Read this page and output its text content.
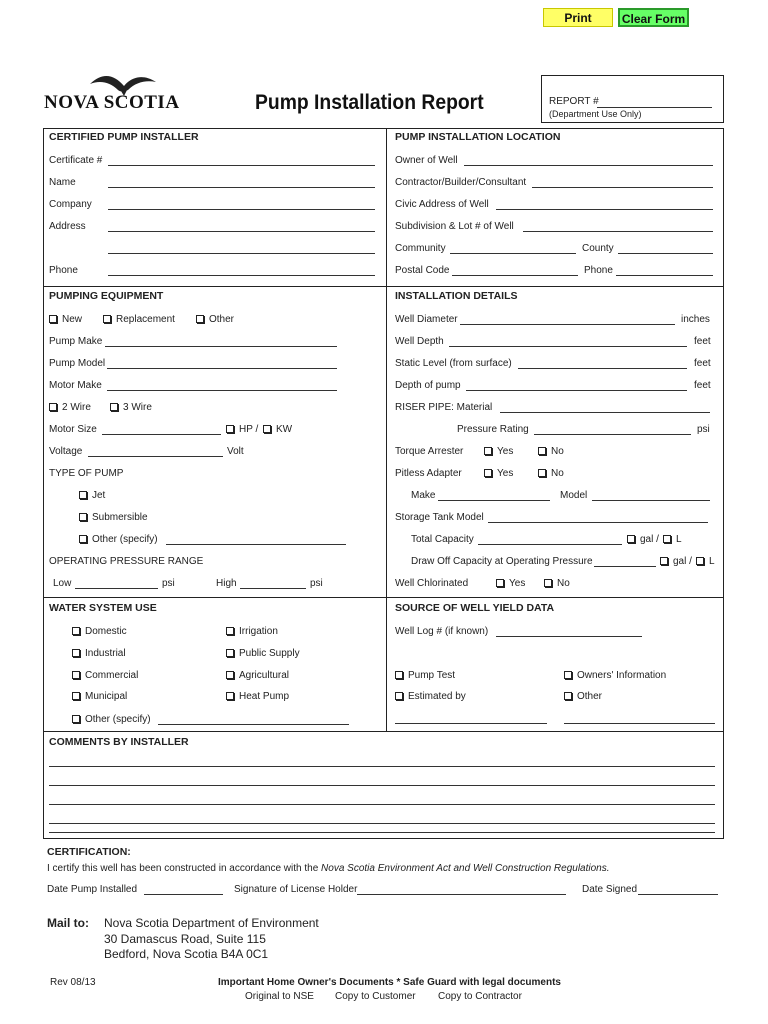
Print	Clear Form
NOVA SCOTIA	Pump Installation Report	REPORT #
(Department Use Only)
CERTIFIED PUMP INSTALLER
Certificate #
Name
Company
Address
Phone
PUMP INSTALLATION LOCATION
Owner of Well
Contractor/Builder/Consultant
Civic Address of Well
Subdivision & Lot # of Well
Community	County
Postal Code	Phone
PUMPING EQUIPMENT
New	Replacement	Other
Pump Make
Pump Model
Motor Make
2 Wire	3 Wire
Motor Size	HP /	KW
Voltage	Volt
TYPE OF PUMP
Jet
Submersible
Other (specify)
OPERATING PRESSURE RANGE
Low	psi	High	psi
INSTALLATION DETAILS
Well Diameter	inches
Well Depth	feet
Static Level (from surface)	feet
Depth of pump	feet
RISER PIPE: Material
Pressure Rating	psi
Torque Arrester	Yes	No
Pitless Adapter	Yes	No
Make	Model
Storage Tank Model
Total Capacity	gal /	L
Draw Off Capacity at Operating Pressure	gal /	L
Well Chlorinated	Yes	No
WATER SYSTEM USE
Domestic	Irrigation
Industrial	Public Supply
Commercial	Agricultural
Municipal	Heat Pump
Other (specify)
SOURCE OF WELL YIELD DATA
Well Log # (if known)
Pump Test	Owners' Information
Estimated by	Other
COMMENTS BY INSTALLER
CERTIFICATION:
I certify this well has been constructed in accordance with the Nova Scotia Environment Act and Well Construction Regulations.
Date Pump Installed	Signature of License Holder	Date Signed
Mail to: Nova Scotia Department of Environment
30 Damascus Road, Suite 115
Bedford, Nova Scotia B4A 0C1
Rev 08/13	Important Home Owner's Documents * Safe Guard with legal documents
Original to NSE Copy to Customer Copy to Contractor
